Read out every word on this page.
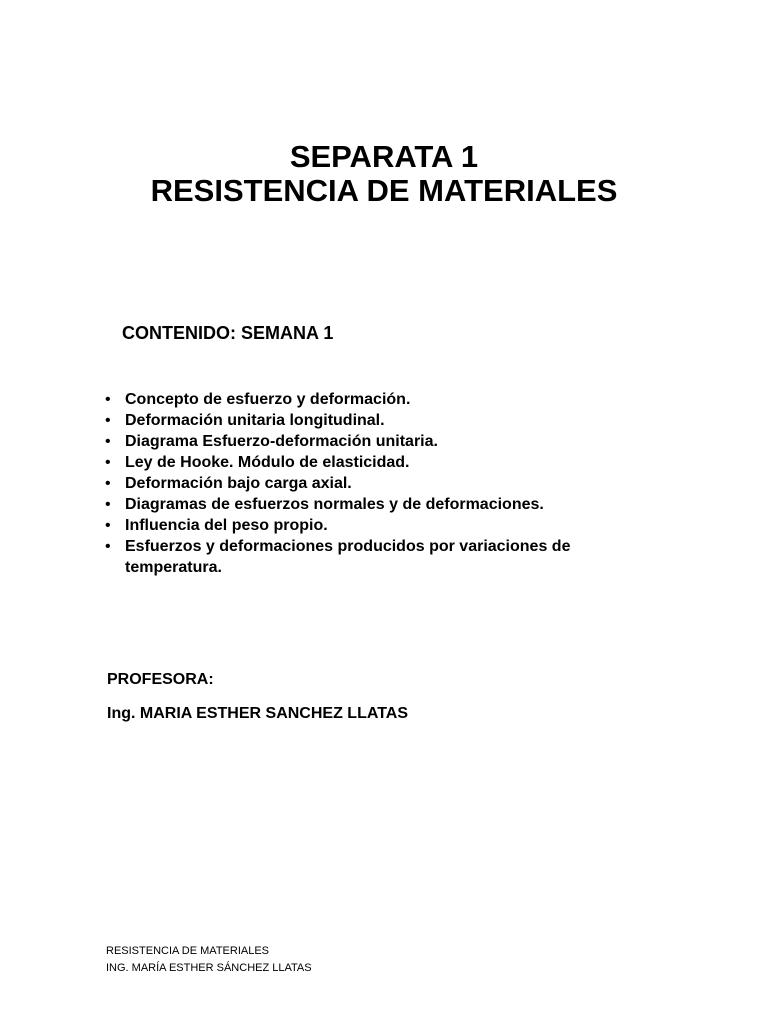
SEPARATA 1
RESISTENCIA DE MATERIALES
CONTENIDO: SEMANA 1
• Concepto de esfuerzo y deformación.
• Deformación unitaria longitudinal.
• Diagrama Esfuerzo-deformación unitaria.
• Ley de Hooke. Módulo de elasticidad.
• Deformación bajo carga axial.
• Diagramas de esfuerzos normales y de deformaciones.
• Influencia del peso propio.
• Esfuerzos y deformaciones producidos por variaciones de temperatura.
PROFESORA:
Ing. MARIA ESTHER SANCHEZ LLATAS
RESISTENCIA DE MATERIALES
ING. MARÍA ESTHER SÁNCHEZ LLATAS
